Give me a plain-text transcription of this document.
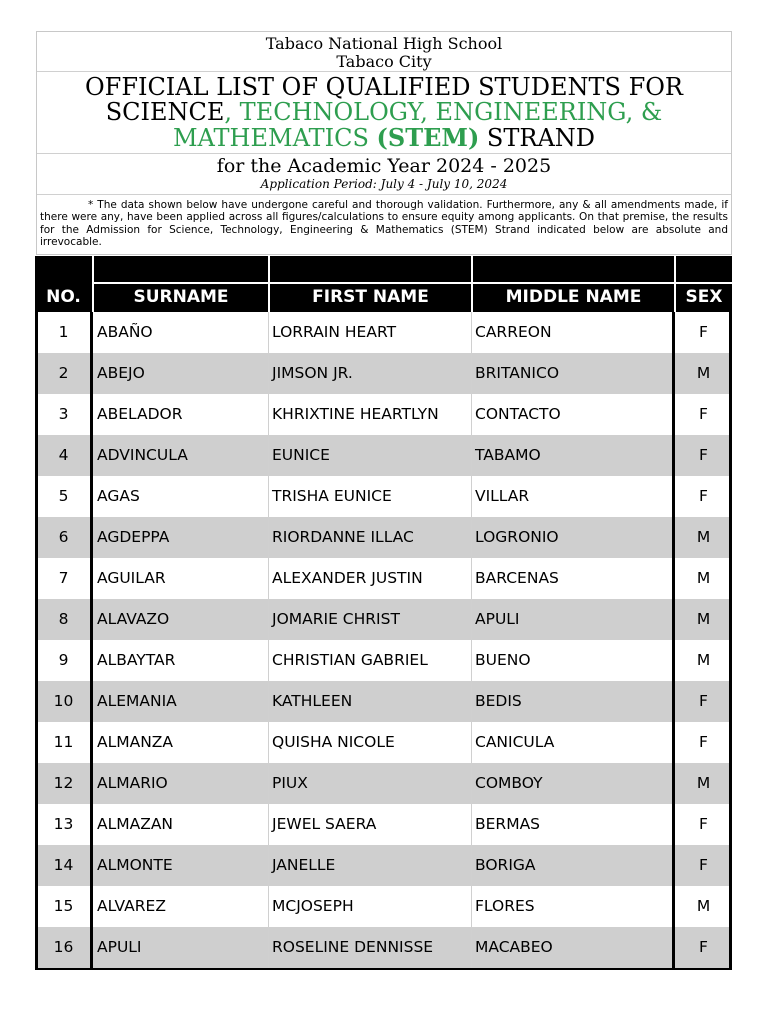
Tabaco National High School
Tabaco City
OFFICIAL LIST OF QUALIFIED STUDENTS FOR
SCIENCE, TECHNOLOGY, ENGINEERING, &
MATHEMATICS (STEM) STRAND
for the Academic Year 2024 - 2025
Application Period: July 4 - July 10, 2024
* The data shown below have undergone careful and thorough validation. Furthermore, any & all amendments made, if there were any, have been applied across all figures/calculations to ensure equity among applicants. On that premise, the results for the Admission for Science, Technology, Engineering & Mathematics (STEM) Strand indicated below are absolute and irrevocable.
NO.	SURNAME	FIRST NAME	MIDDLE NAME	SEX
1	ABAÑO	LORRAIN HEART	CARREON	F
2	ABEJO	JIMSON JR.	BRITANICO	M
3	ABELADOR	KHRIXTINE HEARTLYN	CONTACTO	F
4	ADVINCULA	EUNICE	TABAMO	F
5	AGAS	TRISHA EUNICE	VILLAR	F
6	AGDEPPA	RIORDANNE ILLAC	LOGRONIO	M
7	AGUILAR	ALEXANDER JUSTIN	BARCENAS	M
8	ALAVAZO	JOMARIE CHRIST	APULI	M
9	ALBAYTAR	CHRISTIAN GABRIEL	BUENO	M
10	ALEMANIA	KATHLEEN	BEDIS	F
11	ALMANZA	QUISHA NICOLE	CANICULA	F
12	ALMARIO	PIUX	COMBOY	M
13	ALMAZAN	JEWEL SAERA	BERMAS	F
14	ALMONTE	JANELLE	BORIGA	F
15	ALVAREZ	MCJOSEPH	FLORES	M
16	APULI	ROSELINE DENNISSE	MACABEO	F
